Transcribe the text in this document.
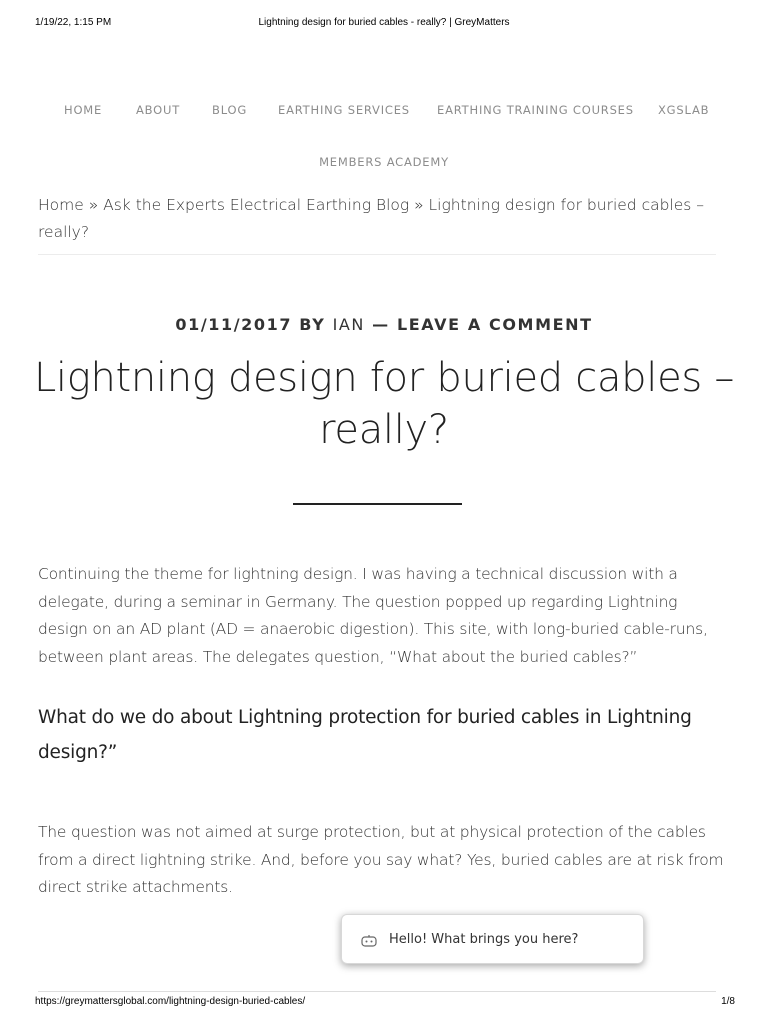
1/19/22, 1:15 PM	Lightning design for buried cables - really? | GreyMatters
HOME	ABOUT	BLOG	EARTHING SERVICES EARTHING TRAINING COURSES XGSLAB
MEMBERS ACADEMY
Home » Ask the Experts Electrical Earthing Blog » Lightning design for buried cables – really?
01/11/2017 BY IAN — LEAVE A COMMENT
Lightning design for buried cables – really?

Continuing the theme for lightning design. I was having a technical discussion with a delegate, during a seminar in Germany. The question popped up regarding Lightning design on an AD plant (AD = anaerobic digestion). This site, with long-buried cable-runs, between plant areas. The delegates question, “What about the buried cables?”

What do we do about Lightning protection for buried cables in Lightning design?”

The question was not aimed at surge protection, but at physical protection of the cables from a direct lightning strike. And, before you say what? Yes, buried cables are at risk from direct strike attachments.

Hello! What brings you here?
https://greymattersglobal.com/lightning-design-buried-cables/	1/8
